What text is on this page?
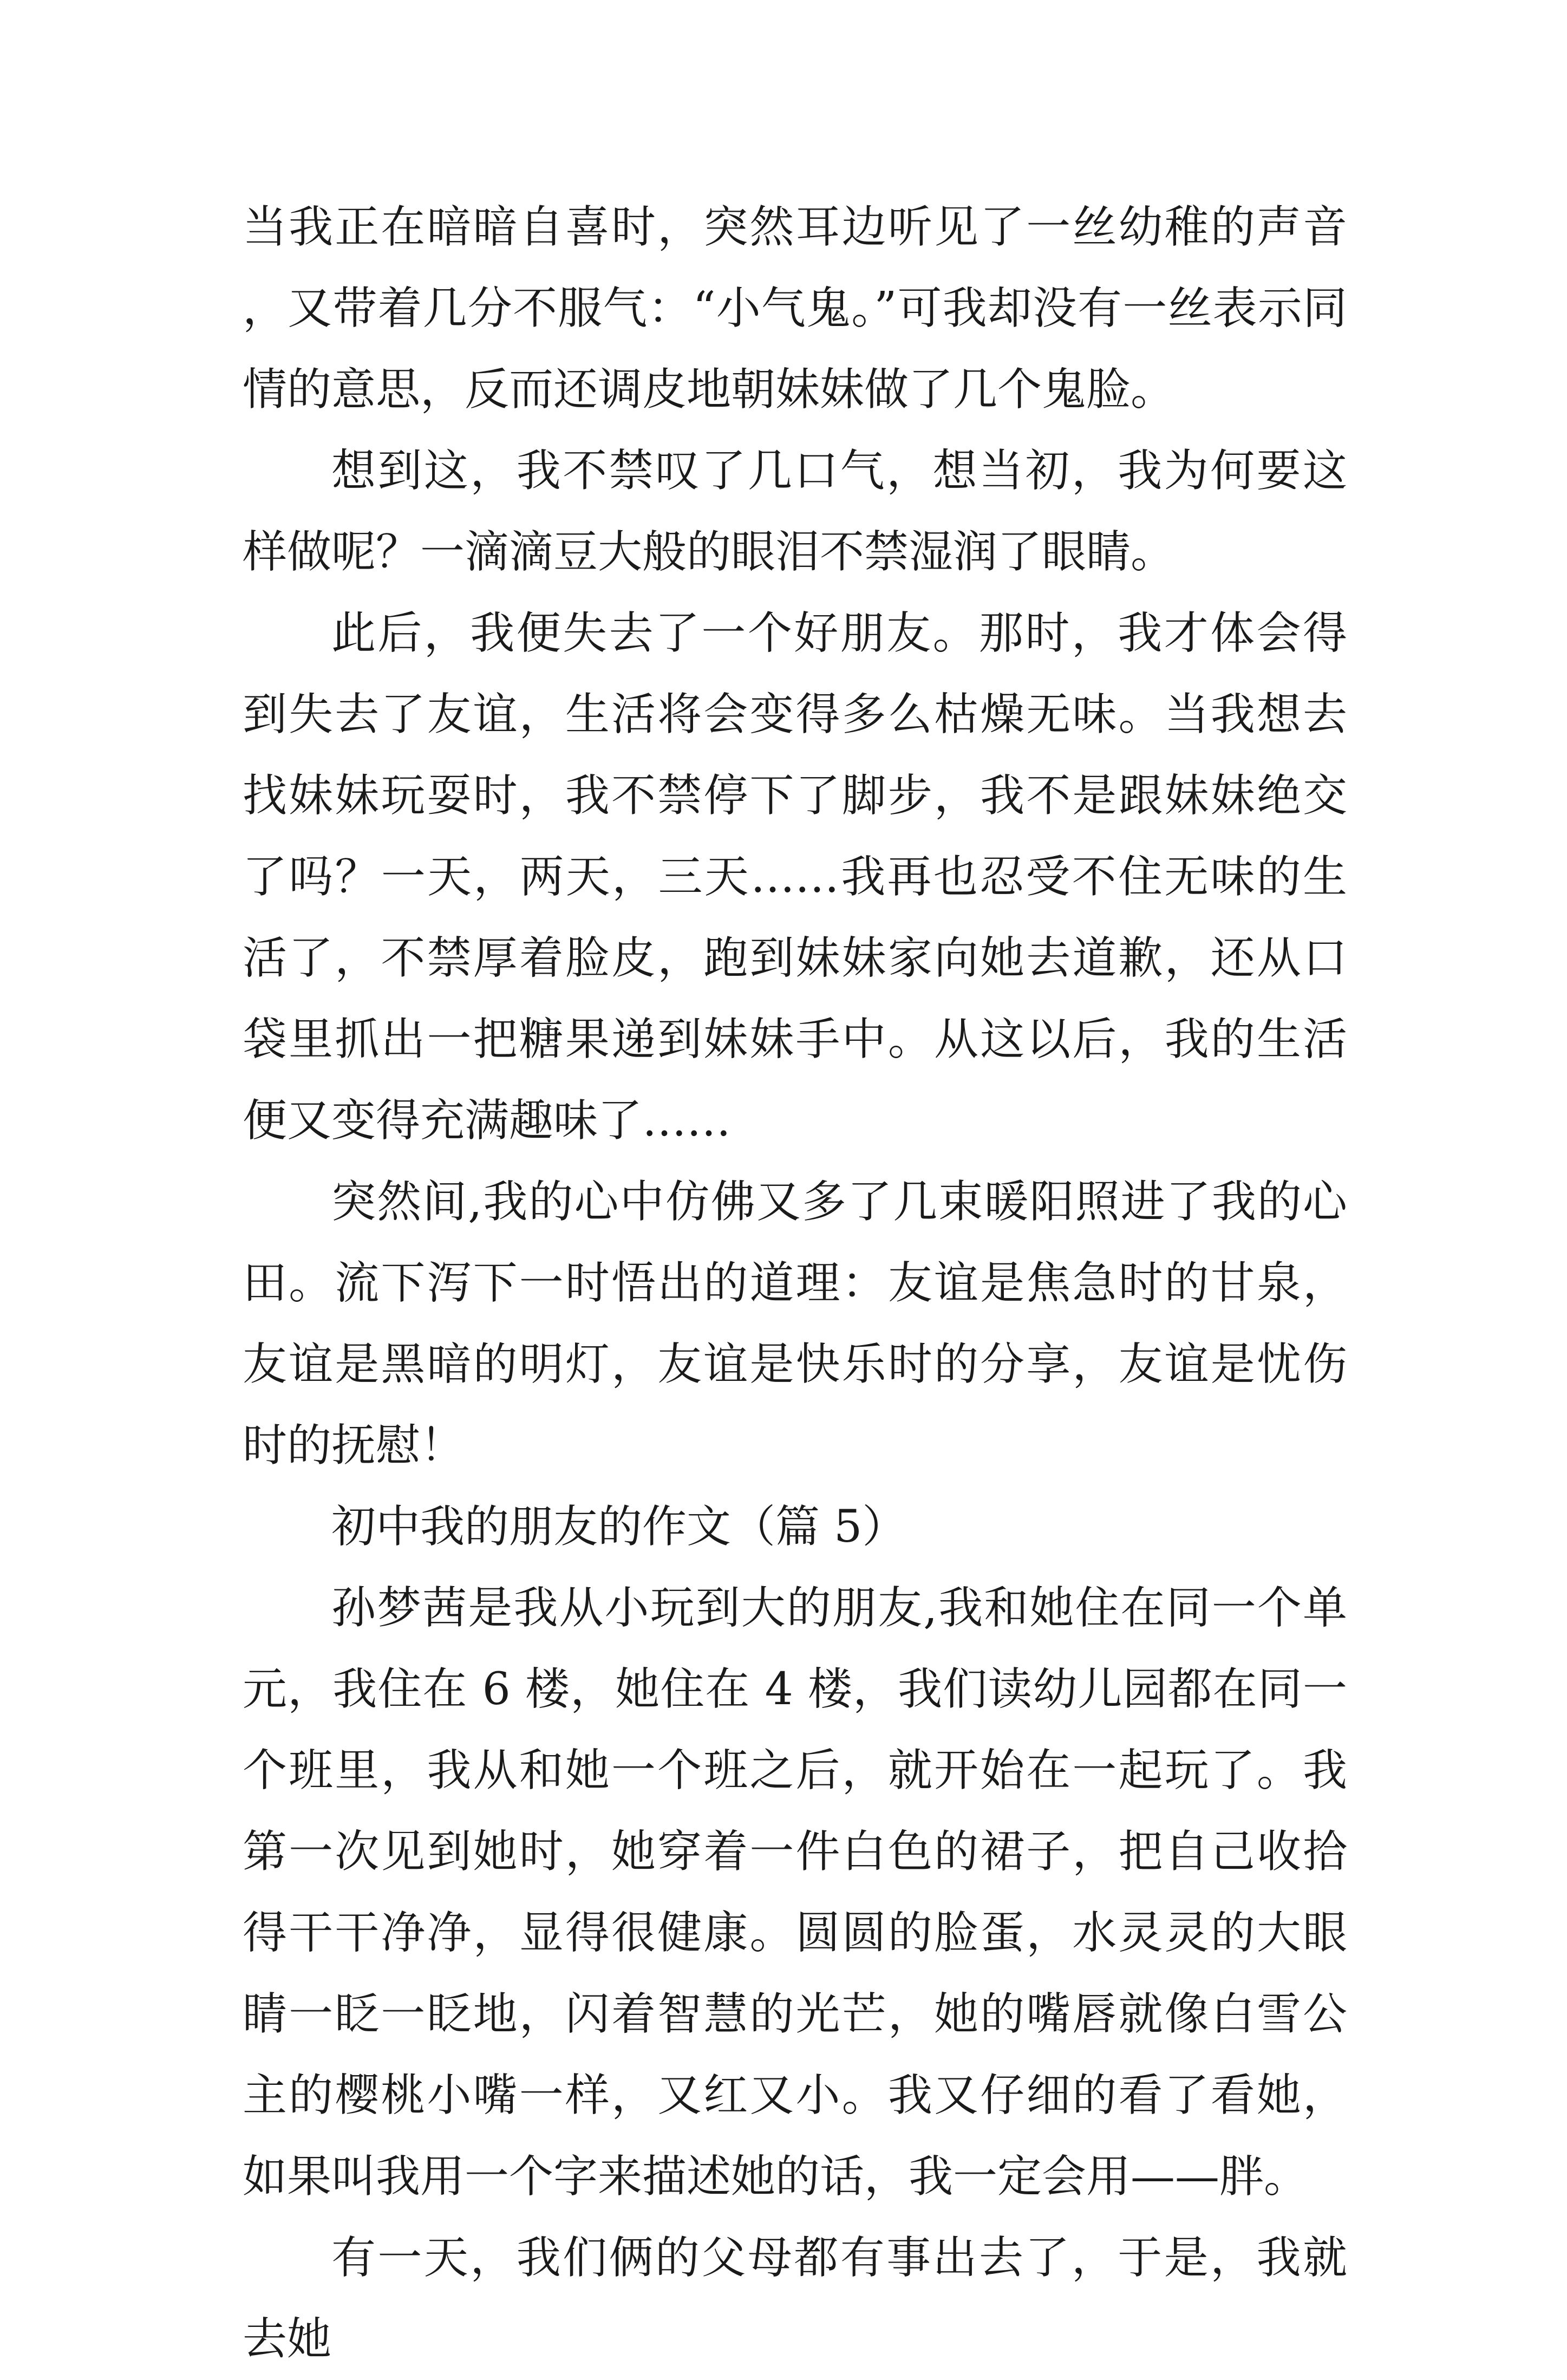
当我正在暗暗自喜时，突然耳边听见了一丝幼稚的声音，又带着几分不服气：“小气鬼。”可我却没有一丝表示同情的意思，反而还调皮地朝妹妹做了几个鬼脸。

想到这，我不禁叹了几口气，想当初，我为何要这样做呢？一滴滴豆大般的眼泪不禁湿润了眼睛。

此后，我便失去了一个好朋友。那时，我才体会得到失去了友谊，生活将会变得多么枯燥无味。当我想去找妹妹玩耍时，我不禁停下了脚步，我不是跟妹妹绝交了吗？一天，两天，三天……我再也忍受不住无味的生活了，不禁厚着脸皮，跑到妹妹家向她去道歉，还从口袋里抓出一把糖果递到妹妹手中。从这以后，我的生活便又变得充满趣味了……

突然间,我的心中仿佛又多了几束暖阳照进了我的心田。流下泻下一时悟出的道理：友谊是焦急时的甘泉，友谊是黑暗的明灯，友谊是快乐时的分享，友谊是忧伤时的抚慰！

初中我的朋友的作文（篇 5）

孙梦茜是我从小玩到大的朋友,我和她住在同一个单元，我住在 6 楼，她住在 4 楼，我们读幼儿园都在同一个班里，我从和她一个班之后，就开始在一起玩了。我第一次见到她时，她穿着一件白色的裙子，把自己收拾得干干净净，显得很健康。圆圆的脸蛋，水灵灵的大眼睛一眨一眨地，闪着智慧的光芒，她的嘴唇就像白雪公主的樱桃小嘴一样，又红又小。我又仔细的看了看她，如果叫我用一个字来描述她的话，我一定会用——胖。

有一天，我们俩的父母都有事出去了，于是，我就去她
